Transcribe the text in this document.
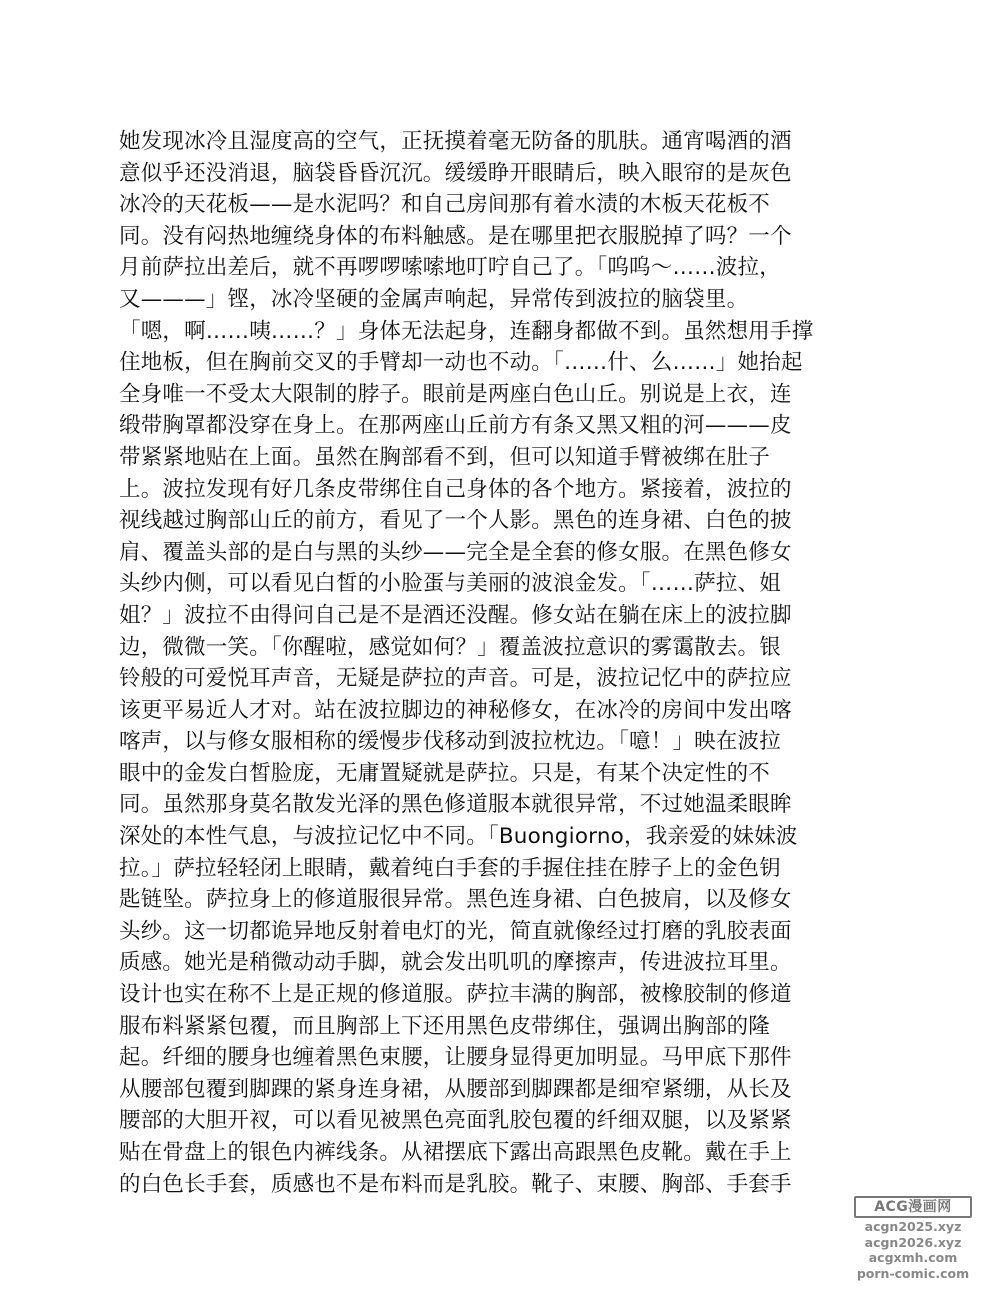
她发现冰冷且湿度高的空气，正抚摸着毫无防备的肌肤。通宵喝酒的酒
意似乎还没消退，脑袋昏昏沉沉。缓缓睁开眼睛后，映入眼帘的是灰色
冰冷的天花板——是水泥吗？和自己房间那有着水渍的木板天花板不
同。没有闷热地缠绕身体的布料触感。是在哪里把衣服脱掉了吗？一个
月前萨拉出差后，就不再啰啰嗦嗦地叮咛自己了。「呜呜～……波拉，
又———」铿，冰冷坚硬的金属声响起，异常传到波拉的脑袋里。
「嗯，啊……咦……？」身体无法起身，连翻身都做不到。虽然想用手撑
住地板，但在胸前交叉的手臂却一动也不动。「……什、么……」她抬起
全身唯一不受太大限制的脖子。眼前是两座白色山丘。别说是上衣，连
缎带胸罩都没穿在身上。在那两座山丘前方有条又黑又粗的河———皮
带紧紧地贴在上面。虽然在胸部看不到，但可以知道手臂被绑在肚子
上。波拉发现有好几条皮带绑住自己身体的各个地方。紧接着，波拉的
视线越过胸部山丘的前方，看见了一个人影。黑色的连身裙、白色的披
肩、覆盖头部的是白与黑的头纱——完全是全套的修女服。在黑色修女
头纱内侧，可以看见白皙的小脸蛋与美丽的波浪金发。「……萨拉、姐
姐？」波拉不由得问自己是不是酒还没醒。修女站在躺在床上的波拉脚
边，微微一笑。「你醒啦，感觉如何？」覆盖波拉意识的雾霭散去。银
铃般的可爱悦耳声音，无疑是萨拉的声音。可是，波拉记忆中的萨拉应
该更平易近人才对。站在波拉脚边的神秘修女，在冰冷的房间中发出喀
喀声，以与修女服相称的缓慢步伐移动到波拉枕边。「噫！」映在波拉
眼中的金发白皙脸庞，无庸置疑就是萨拉。只是，有某个决定性的不
同。虽然那身莫名散发光泽的黑色修道服本就很异常，不过她温柔眼眸
深处的本性气息，与波拉记忆中不同。「Buongiorno，我亲爱的妹妹波
拉。」萨拉轻轻闭上眼睛，戴着纯白手套的手握住挂在脖子上的金色钥
匙链坠。萨拉身上的修道服很异常。黑色连身裙、白色披肩，以及修女
头纱。这一切都诡异地反射着电灯的光，简直就像经过打磨的乳胶表面
质感。她光是稍微动动手脚，就会发出叽叽的摩擦声，传进波拉耳里。
设计也实在称不上是正规的修道服。萨拉丰满的胸部，被橡胶制的修道
服布料紧紧包覆，而且胸部上下还用黑色皮带绑住，强调出胸部的隆
起。纤细的腰身也缠着黑色束腰，让腰身显得更加明显。马甲底下那件
从腰部包覆到脚踝的紧身连身裙，从腰部到脚踝都是细窄紧绷，从长及
腰部的大胆开衩，可以看见被黑色亮面乳胶包覆的纤细双腿，以及紧紧
贴在骨盘上的银色内裤线条。从裙摆底下露出高跟黑色皮靴。戴在手上
的白色长手套，质感也不是布料而是乳胶。靴子、束腰、胸部、手套手
ACG漫画网
acgn2025.xyz
acgn2026.xyz
acgxmh.com
porn-comic.com
